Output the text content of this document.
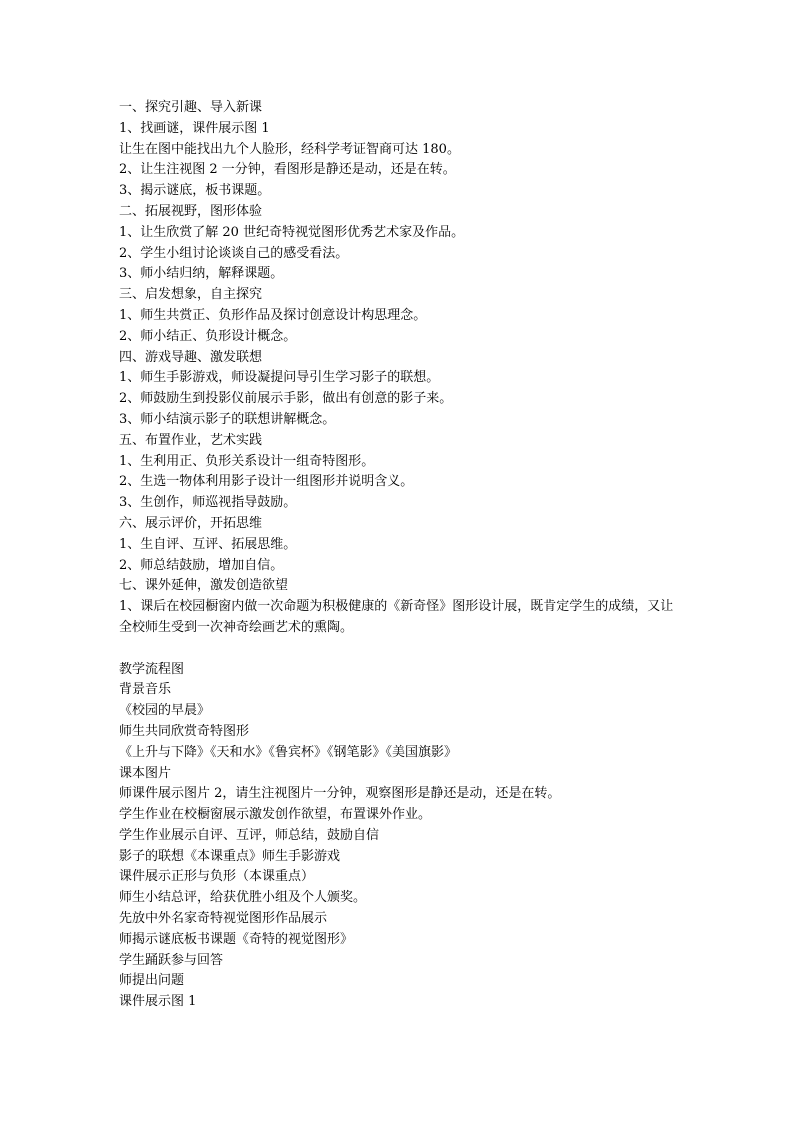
一、探究引趣、导入新课
1、找画谜，课件展示图 1
让生在图中能找出九个人脸形，经科学考证智商可达 180。
2、让生注视图 2 一分钟，看图形是静还是动，还是在转。
3、揭示谜底，板书课题。
二、拓展视野，图形体验
1、让生欣赏了解 20 世纪奇特视觉图形优秀艺术家及作品。
2、学生小组讨论谈谈自己的感受看法。
3、师小结归纳，解释课题。
三、启发想象，自主探究
1、师生共赏正、负形作品及探讨创意设计构思理念。
2、师小结正、负形设计概念。
四、游戏导趣、激发联想
1、师生手影游戏，师设凝提问导引生学习影子的联想。
2、师鼓励生到投影仪前展示手影，做出有创意的影子来。
3、师小结演示影子的联想讲解概念。
五、布置作业，艺术实践
1、生利用正、负形关系设计一组奇特图形。
2、生选一物体利用影子设计一组图形并说明含义。
3、生创作，师巡视指导鼓励。
六、展示评价，开拓思维
1、生自评、互评、拓展思维。
2、师总结鼓励，增加自信。
七、课外延伸，激发创造欲望
1、课后在校园橱窗内做一次命题为积极健康的《新奇怪》图形设计展，既肯定学生的成绩，又让全校师生受到一次神奇绘画艺术的熏陶。
教学流程图
背景音乐
《校园的早晨》
师生共同欣赏奇特图形
《上升与下降》《天和水》《鲁宾杯》《钢笔影》《美国旗影》
课本图片
师课件展示图片 2，请生注视图片一分钟，观察图形是静还是动，还是在转。
学生作业在校橱窗展示激发创作欲望，布置课外作业。
学生作业展示自评、互评，师总结，鼓励自信
影子的联想《本课重点》师生手影游戏
课件展示正形与负形（本课重点）
师生小结总评，给获优胜小组及个人颁奖。
先放中外名家奇特视觉图形作品展示
师揭示谜底板书课题《奇特的视觉图形》
学生踊跃参与回答
师提出问题
课件展示图 1
